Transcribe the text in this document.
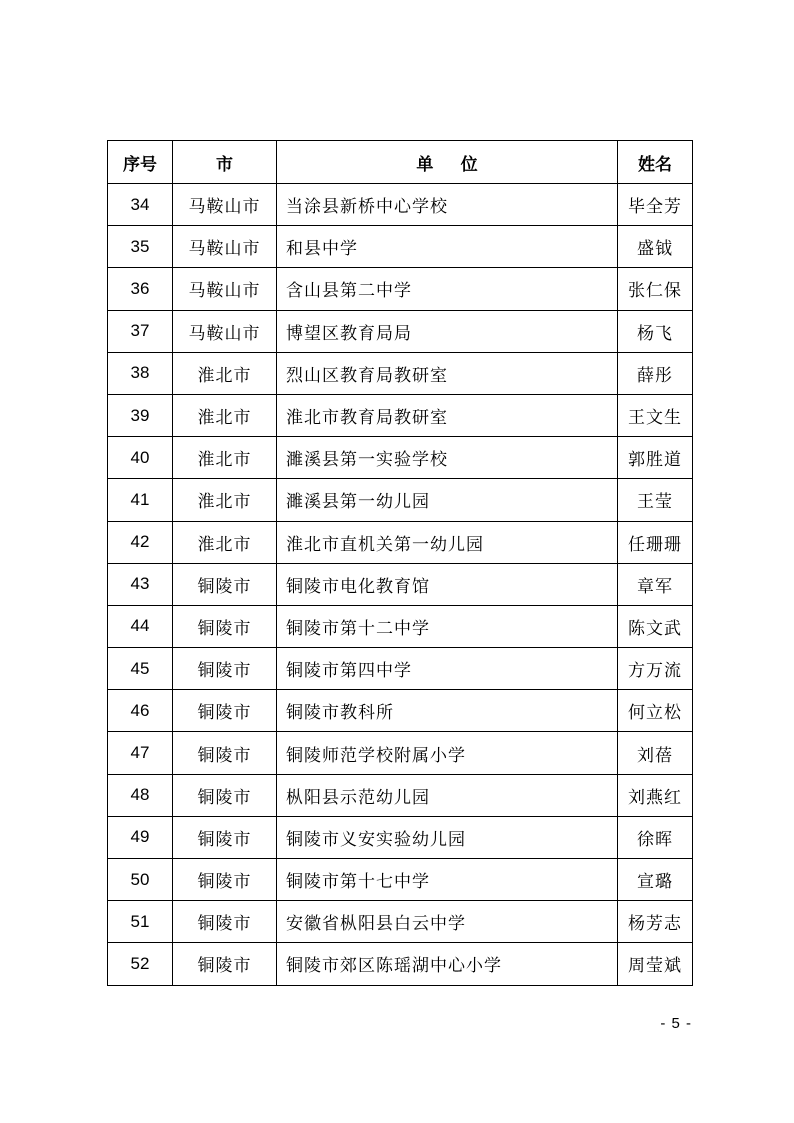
序号	市	单位	姓名
34	马鞍山市	当涂县新桥中心学校	毕全芳
35	马鞍山市	和县中学	盛钺
36	马鞍山市	含山县第二中学	张仁保
37	马鞍山市	博望区教育局局	杨飞
38	淮北市	烈山区教育局教研室	薛彤
39	淮北市	淮北市教育局教研室	王文生
40	淮北市	濉溪县第一实验学校	郭胜道
41	淮北市	濉溪县第一幼儿园	王莹
42	淮北市	淮北市直机关第一幼儿园	任珊珊
43	铜陵市	铜陵市电化教育馆	章军
44	铜陵市	铜陵市第十二中学	陈文武
45	铜陵市	铜陵市第四中学	方万流
46	铜陵市	铜陵市教科所	何立松
47	铜陵市	铜陵师范学校附属小学	刘蓓
48	铜陵市	枞阳县示范幼儿园	刘燕红
49	铜陵市	铜陵市义安实验幼儿园	徐晖
50	铜陵市	铜陵市第十七中学	宣璐
51	铜陵市	安徽省枞阳县白云中学	杨芳志
52	铜陵市	铜陵市郊区陈瑶湖中心小学	周莹斌
- 5 -
